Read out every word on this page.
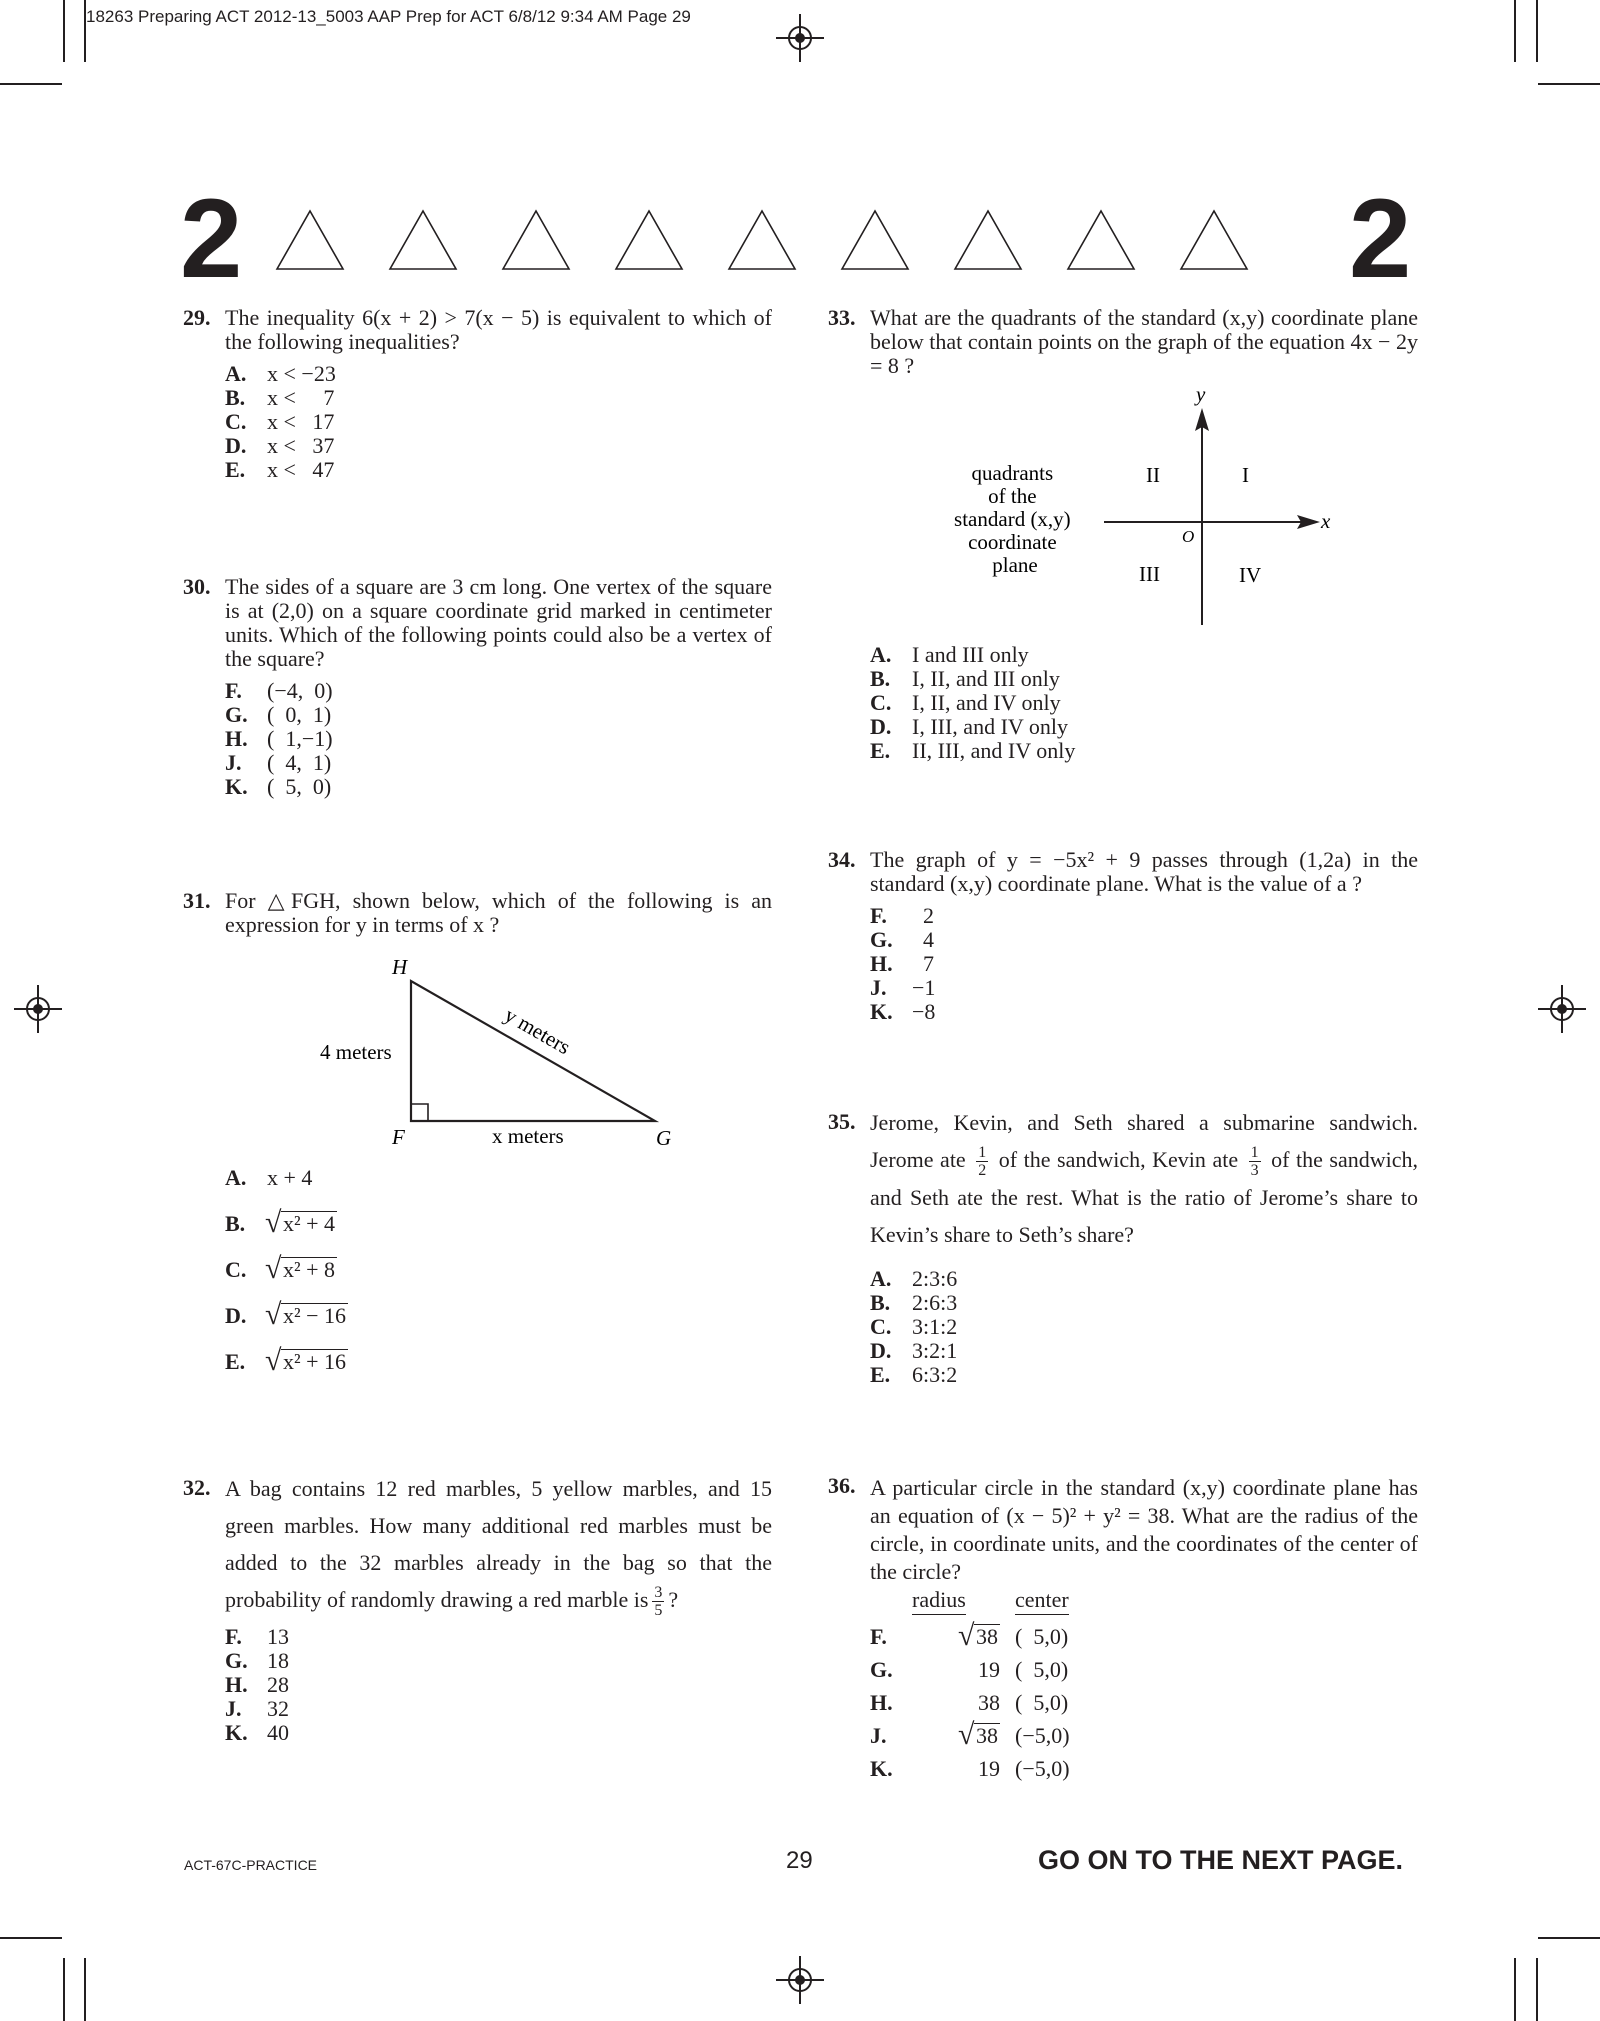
18263 Preparing ACT 2012-13_5003 AAP Prep for ACT 6/8/12 9:34 AM Page 29
2	2
29. The inequality 6(x + 2) > 7(x − 5) is equivalent to which of the following inequalities?
A. x < −23
B. x <     7
C. x <   17
D. x <   37
E. x <   47
30. The sides of a square are 3 cm long. One vertex of the square is at (2,0) on a square coordinate grid marked in centimeter units. Which of the following points could also be a vertex of the square?
F. (−4,  0)
G. (  0,  1)
H. (  1,−1)
J. (  4,  1)
K. (  5,  0)
31. For △FGH, shown below, which of the following is an expression for y in terms of x ?
H
F	G
4 meters
x meters
y meters
A. x + 4
B. √ x² + 4
C. √ x² + 8
D. √ x² − 16
E. √ x² + 16
32. A bag contains 12 red marbles, 5 yellow marbles, and 15 green marbles. How many additional red marbles must be added to the 32 marbles already in the bag so that the probability of randomly drawing a red marble is $\frac{3}{5}$ ?
F. 13
G. 18
H. 28
J. 32
K. 40
33. What are the quadrants of the standard (x,y) coordinate plane below that contain points on the graph of the equation 4x − 2y = 8 ?
quadrants of the standard (x,y) coordinate plane
x
y
O
II	I
III	IV
A. I and III only
B. I, II, and III only
C. I, II, and IV only
D. I, III, and IV only
E. II, III, and IV only
34. The graph of y = −5x² + 9 passes through (1,2a) in the standard (x,y) coordinate plane. What is the value of a ?
F.  2
G.  4
H.  7
J. −1
K. −8
35. Jerome, Kevin, and Seth shared a submarine sandwich. Jerome ate $\frac{1}{2}$ of the sandwich, Kevin ate $\frac{1}{3}$ of the sandwich, and Seth ate the rest. What is the ratio of Jerome’s share to Kevin’s share to Seth’s share?
A. 2:3:6
B. 2:6:3
C. 3:1:2
D. 3:2:1
E. 6:3:2
36. A particular circle in the standard (x,y) coordinate plane has an equation of (x − 5)² + y² = 38. What are the radius of the circle, in coordinate units, and the coordinates of the center of the circle?
radius center
F. √ 38 (  5,0)
G.	19 (  5,0)
H.	38 (  5,0)
J. √ 38 (−5,0)
K.	19 (−5,0)
ACT-67C-PRACTICE	29	GO ON TO THE NEXT PAGE.
